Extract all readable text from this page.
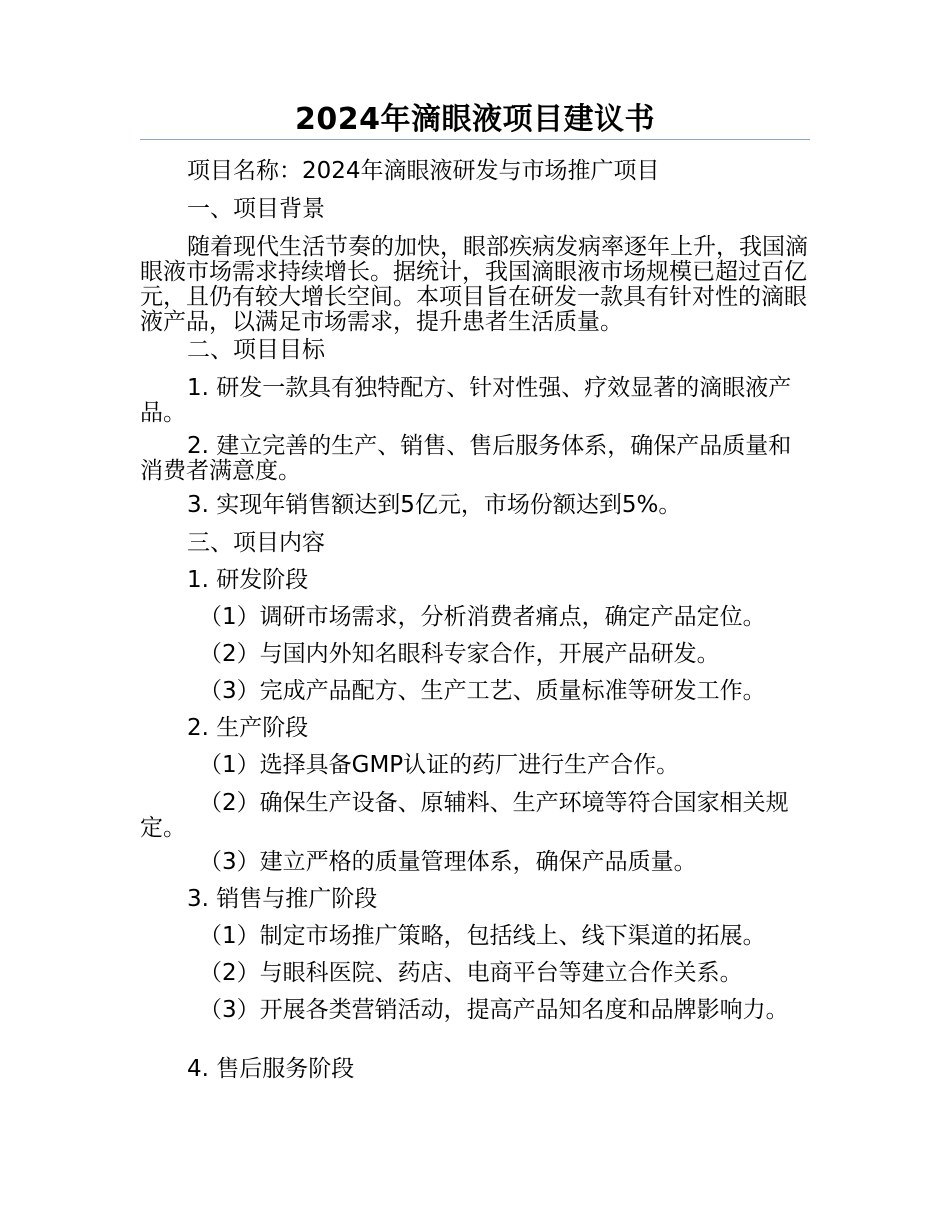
2024年滴眼液项目建议书
项目名称：2024年滴眼液研发与市场推广项目
一、项目背景
随着现代生活节奏的加快，眼部疾病发病率逐年上升，我国滴眼液市场需求持续增长。据统计，我国滴眼液市场规模已超过百亿元，且仍有较大增长空间。本项目旨在研发一款具有针对性的滴眼液产品，以满足市场需求，提升患者生活质量。
二、项目目标
1. 研发一款具有独特配方、针对性强、疗效显著的滴眼液产品。
2. 建立完善的生产、销售、售后服务体系，确保产品质量和消费者满意度。
3. 实现年销售额达到5亿元，市场份额达到5%。
三、项目内容
1. 研发阶段
（1）调研市场需求，分析消费者痛点，确定产品定位。
（2）与国内外知名眼科专家合作，开展产品研发。
（3）完成产品配方、生产工艺、质量标准等研发工作。
2. 生产阶段
（1）选择具备GMP认证的药厂进行生产合作。
（2）确保生产设备、原辅料、生产环境等符合国家相关规定。
（3）建立严格的质量管理体系，确保产品质量。
3. 销售与推广阶段
（1）制定市场推广策略，包括线上、线下渠道的拓展。
（2）与眼科医院、药店、电商平台等建立合作关系。
（3）开展各类营销活动，提高产品知名度和品牌影响力。
4. 售后服务阶段
